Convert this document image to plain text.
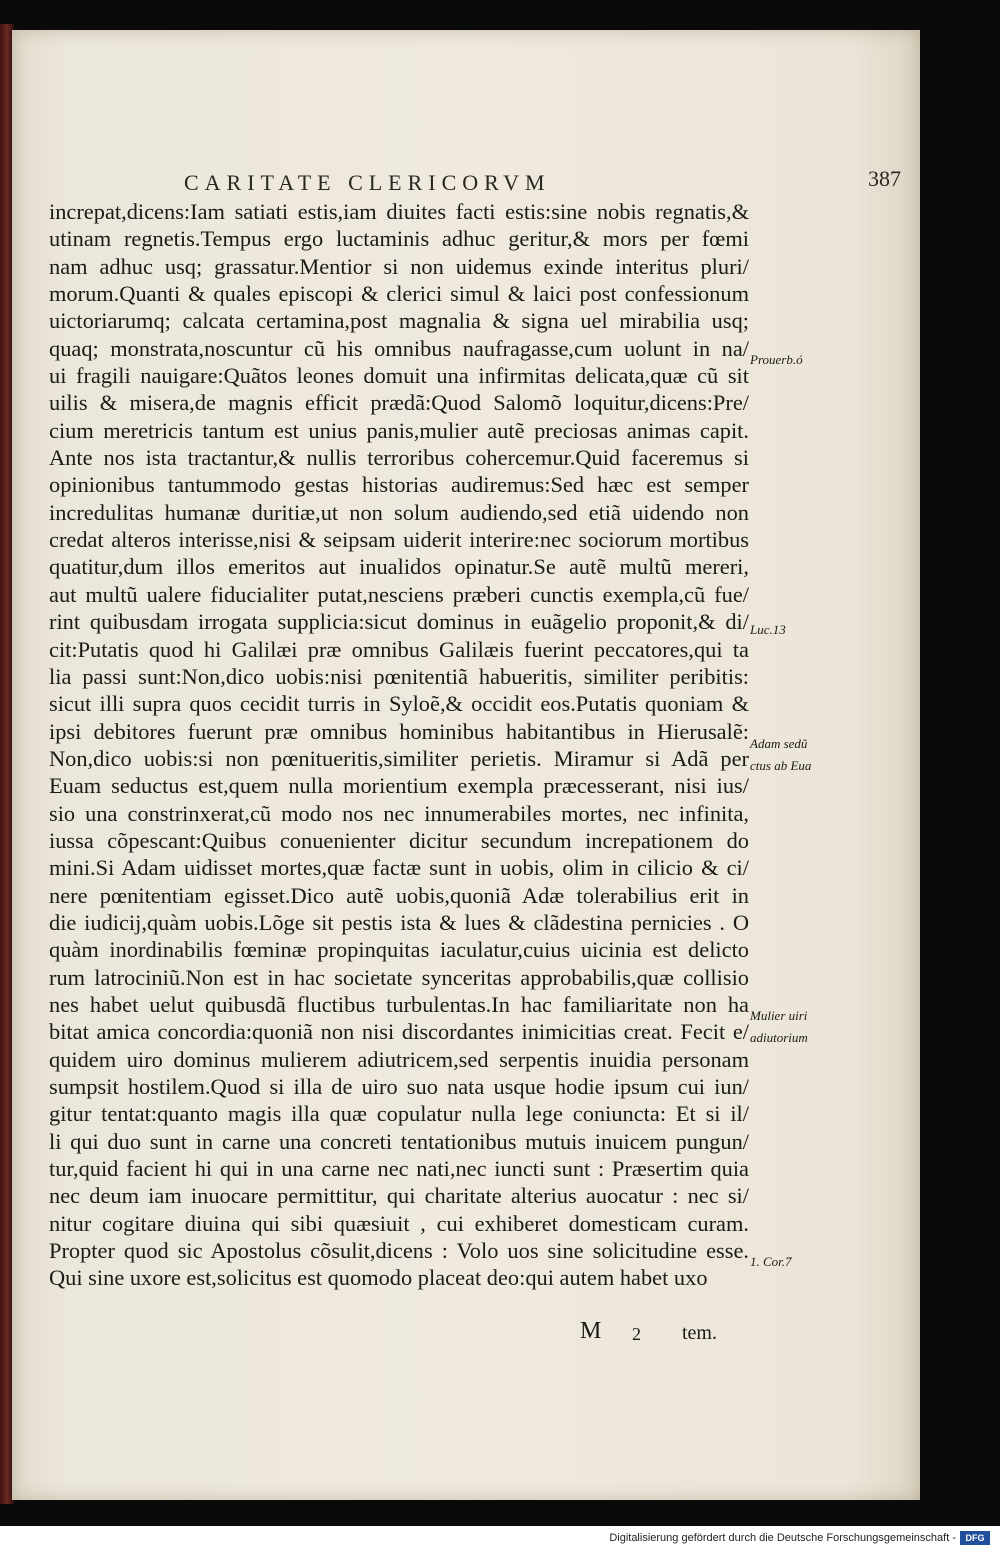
CARITATE CLERICORVM	387
increpat,dicens:Iam satiati estis,iam diuites facti estis:sine nobis regnatis,&
utinam regnetis.Tempus ergo luctaminis adhuc geritur,& mors per fœmi
nam adhuc usq; grassatur.Mentior si non uidemus exinde interitus pluri/
morum.Quanti & quales episcopi & clerici simul & laici post confessionum
uictoriarumq; calcata certamina,post magnalia & signa uel mirabilia usq;
quaq; monstrata,noscuntur cũ his omnibus naufragasse,cum uolunt in na/
ui fragili nauigare:Quãtos leones domuit una infirmitas delicata,quæ cũ sit
uilis & misera,de magnis efficit prædã:Quod Salomõ loquitur,dicens:Pre/
cium meretricis tantum est unius panis,mulier autẽ preciosas animas capit.
Ante nos ista tractantur,& nullis terroribus cohercemur.Quid faceremus si
opinionibus tantummodo gestas historias audiremus:Sed hæc est semper
incredulitas humanæ duritiæ,ut non solum audiendo,sed etiã uidendo non
credat alteros interisse,nisi & seipsam uiderit interire:nec sociorum mortibus
quatitur,dum illos emeritos aut inualidos opinatur.Se autẽ multũ mereri,
aut multũ ualere fiducialiter putat,nesciens præberi cunctis exempla,cũ fue/
rint quibusdam irrogata supplicia:sicut dominus in euãgelio proponit,& di/
cit:Putatis quod hi Galilæi præ omnibus Galilæis fuerint peccatores,qui ta
lia passi sunt:Non,dico uobis:nisi pœnitentiã habueritis, similiter peribitis:
sicut illi supra quos cecidit turris in Syloẽ,& occidit eos.Putatis quoniam &
ipsi debitores fuerunt præ omnibus hominibus habitantibus in Hierusalẽ:
Non,dico uobis:si non pœnitueritis,similiter perietis. Miramur si Adã per
Euam seductus est,quem nulla morientium exempla præcesserant, nisi ius/
sio una constrinxerat,cũ modo nos nec innumerabiles mortes, nec infinita,
iussa cõpescant:Quibus conuenienter dicitur secundum increpationem do
mini.Si Adam uidisset mortes,quæ factæ sunt in uobis, olim in cilicio & ci/
nere pœnitentiam egisset.Dico autẽ uobis,quoniã Adæ tolerabilius erit in
die iudicij,quàm uobis.Lõge sit pestis ista & lues & clãdestina pernicies . O
quàm inordinabilis fœminæ propinquitas iaculatur,cuius uicinia est delicto
rum latrociniũ.Non est in hac societate synceritas approbabilis,quæ collisio
nes habet uelut quibusdã fluctibus turbulentas.In hac familiaritate non ha
bitat amica concordia:quoniã non nisi discordantes inimicitias creat. Fecit e/
quidem uiro dominus mulierem adiutricem,sed serpentis inuidia personam
sumpsit hostilem.Quod si illa de uiro suo nata usque hodie ipsum cui iun/
gitur tentat:quanto magis illa quæ copulatur nulla lege coniuncta: Et si il/
li qui duo sunt in carne una concreti tentationibus mutuis inuicem pungun/
tur,quid facient hi qui in una carne nec nati,nec iuncti sunt : Præsertim quia
nec deum iam inuocare permittitur, qui charitate alterius auocatur : nec si/
nitur cogitare diuina qui sibi quæsiuit , cui exhiberet domesticam curam.
Propter quod sic Apostolus cõsulit,dicens : Volo uos sine solicitudine esse.
Qui sine uxore est,solicitus est quomodo placeat deo:qui autem habet uxo
Prouerb.ó
Luc.13
Adam sedũ
ctus ab Eua
Mulier uiri
adiutorium
1. Cor.7
M 2 tem.
Digitalisierung gefördert durch die Deutsche Forschungsgemeinschaft -	DFG
